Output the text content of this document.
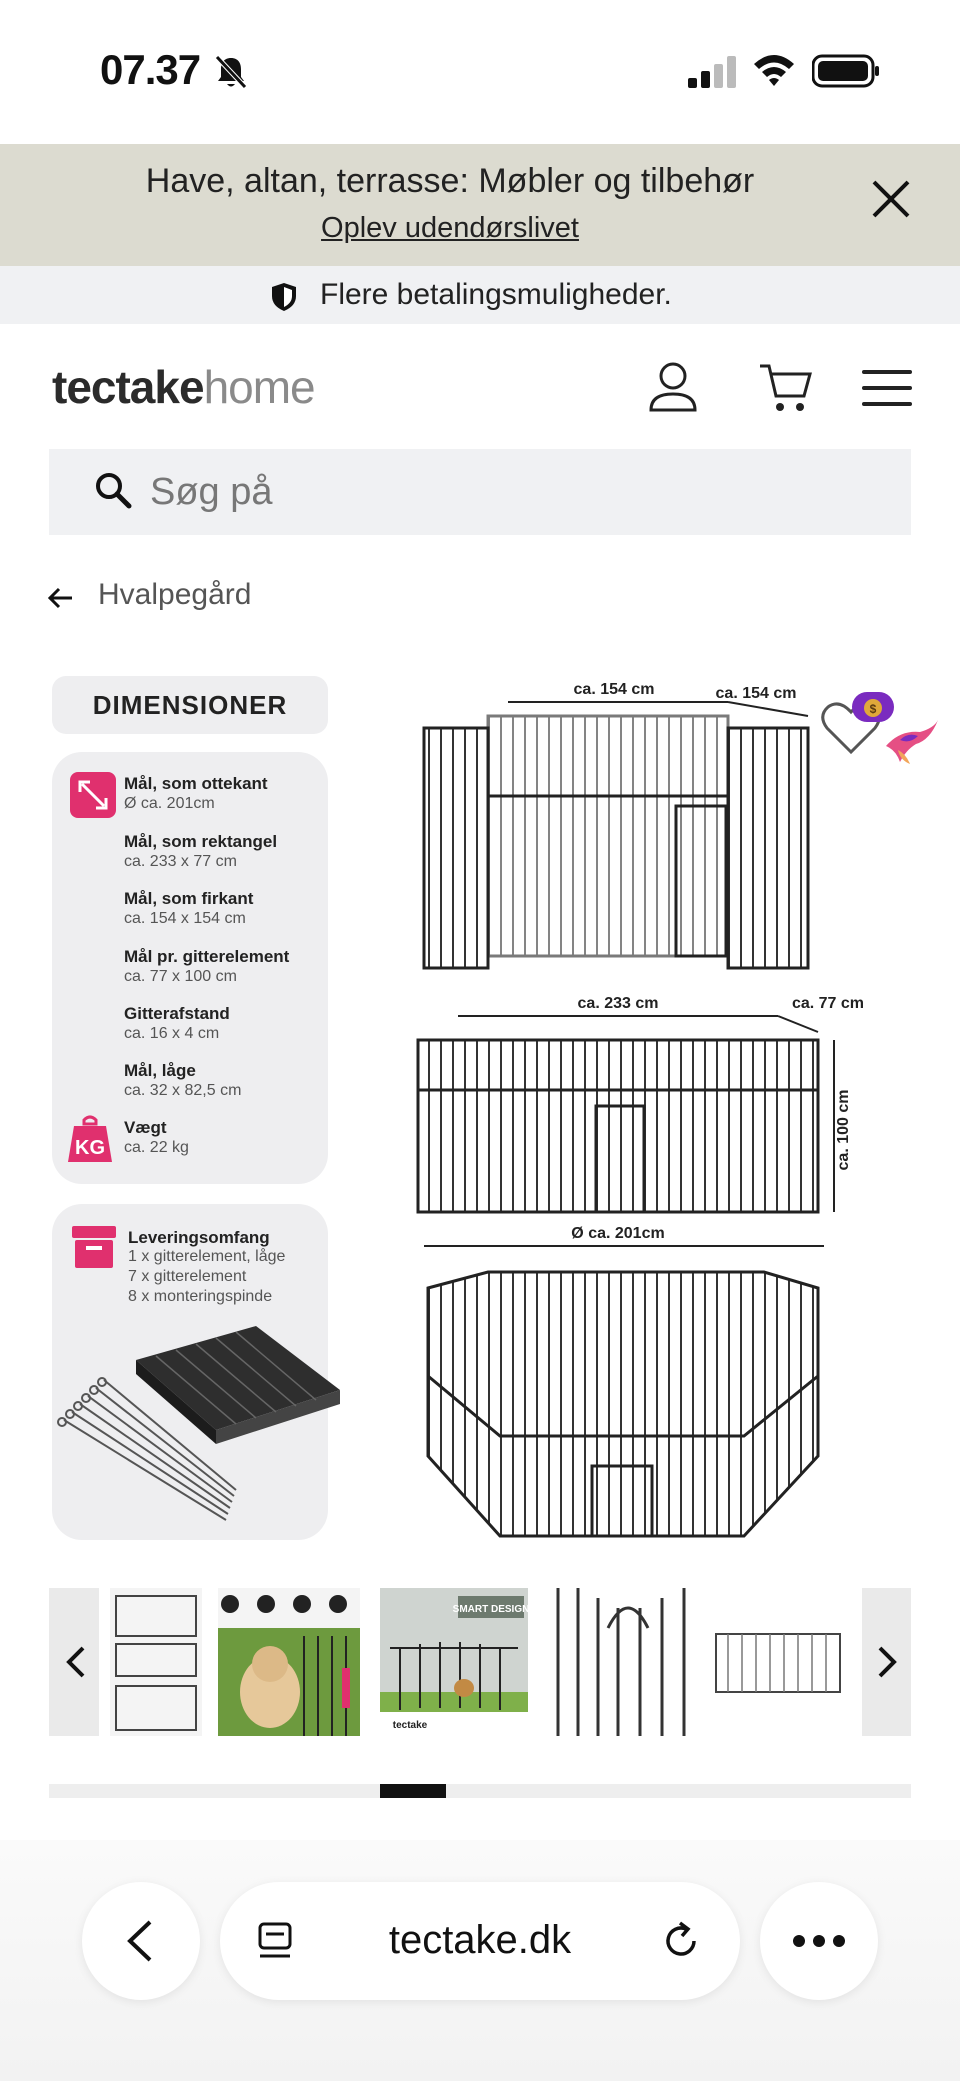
07.37
Have, altan, terrasse: Møbler og tilbehør
Oplev udendørslivet
Flere betalingsmuligheder.
tectakehome
Søg på
Hvalpegård
DIMENSIONER
Mål, som ottekant
Ø ca. 201cm
Mål, som rektangel
ca. 233 x 77 cm
Mål, som firkant
ca. 154 x 154 cm
Mål pr. gitterelement
ca. 77 x 100 cm
Gitterafstand
ca. 16 x 4 cm
Mål, låge
ca. 32 x 82,5 cm
Vægt
ca. 22 kg
KG
Leveringsomfang
1 x gitterelement, låge
7 x gitterelement
8 x monteringspinde
ca. 154 cm	ca. 154 cm
ca. 233 cm	ca. 77 cm
ca. 100 cm
Ø ca. 201cm
$
SMART DESIGN
tectake
tectake.dk
